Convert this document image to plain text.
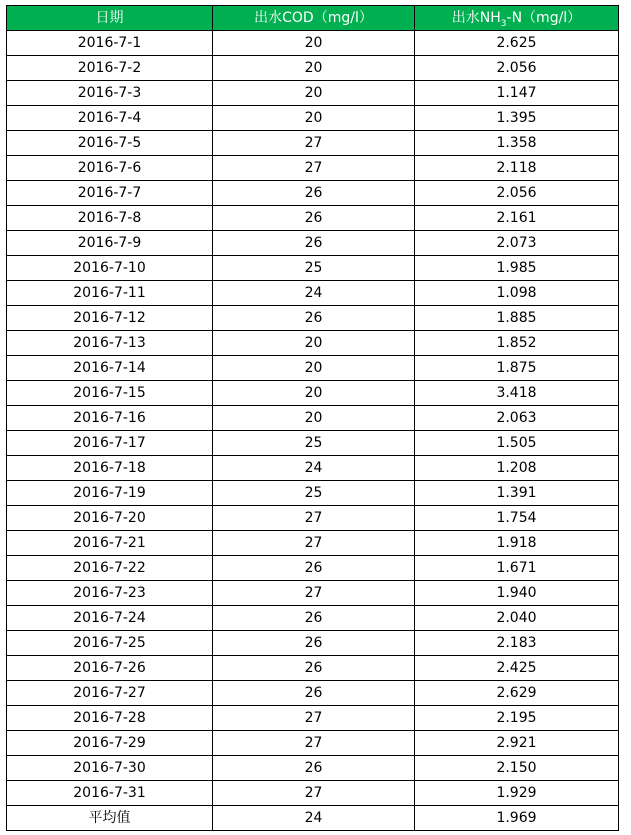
日期	出水COD（mg/l）	出水$NH_3-N(mg/l)$
2016-7-1	20	2.625
2016-7-2	20	2.056
2016-7-3	20	1.147
2016-7-4	20	1.395
2016-7-5	27	1.358
2016-7-6	27	2.118
2016-7-7	26	2.056
2016-7-8	26	2.161
2016-7-9	26	2.073
2016-7-10	25	1.985
2016-7-11	24	1.098
2016-7-12	26	1.885
2016-7-13	20	1.852
2016-7-14	20	1.875
2016-7-15	20	3.418
2016-7-16	20	2.063
2016-7-17	25	1.505
2016-7-18	24	1.208
2016-7-19	25	1.391
2016-7-20	27	1.754
2016-7-21	27	1.918
2016-7-22	26	1.671
2016-7-23	27	1.940
2016-7-24	26	2.040
2016-7-25	26	2.183
2016-7-26	26	2.425
2016-7-27	26	2.629
2016-7-28	27	2.195
2016-7-29	27	2.921
2016-7-30	26	2.150
2016-7-31	27	1.929
平均值	24	1.969
